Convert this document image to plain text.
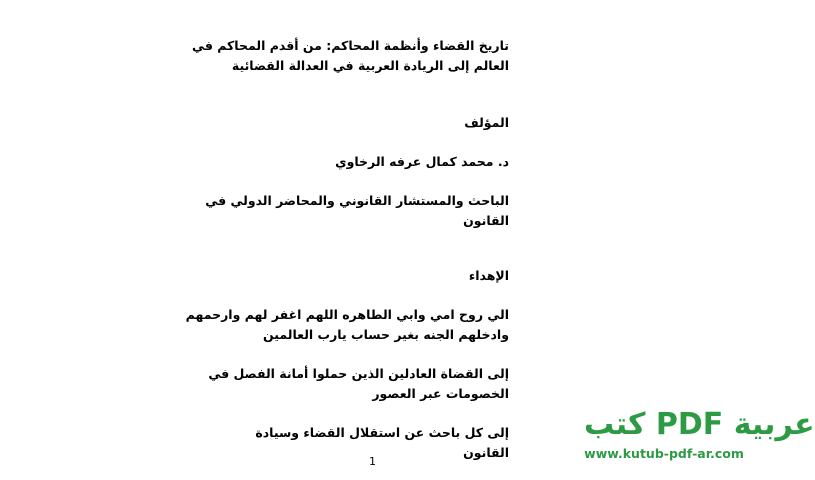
تاريخ القضاء وأنظمة المحاكم: من أقدم المحاكم في
العالم إلى الريادة العربية في العدالة القضائية
المؤلف
د. محمد كمال عرفه الرخاوي
الباحث والمستشار القانوني والمحاضر الدولي في
القانون
الإهداء
الي روح امي وابي الطاهره اللهم اغفر لهم وارحمهم
وادخلهم الجنه بغير حساب يارب العالمين
إلى القضاة العادلين الذين حملوا أمانة الفصل في
الخصومات عبر العصور
إلى كل باحث عن استقلال القضاء وسيادة القانون
1
كتب PDF عربية
www.kutub-pdf-ar.com
